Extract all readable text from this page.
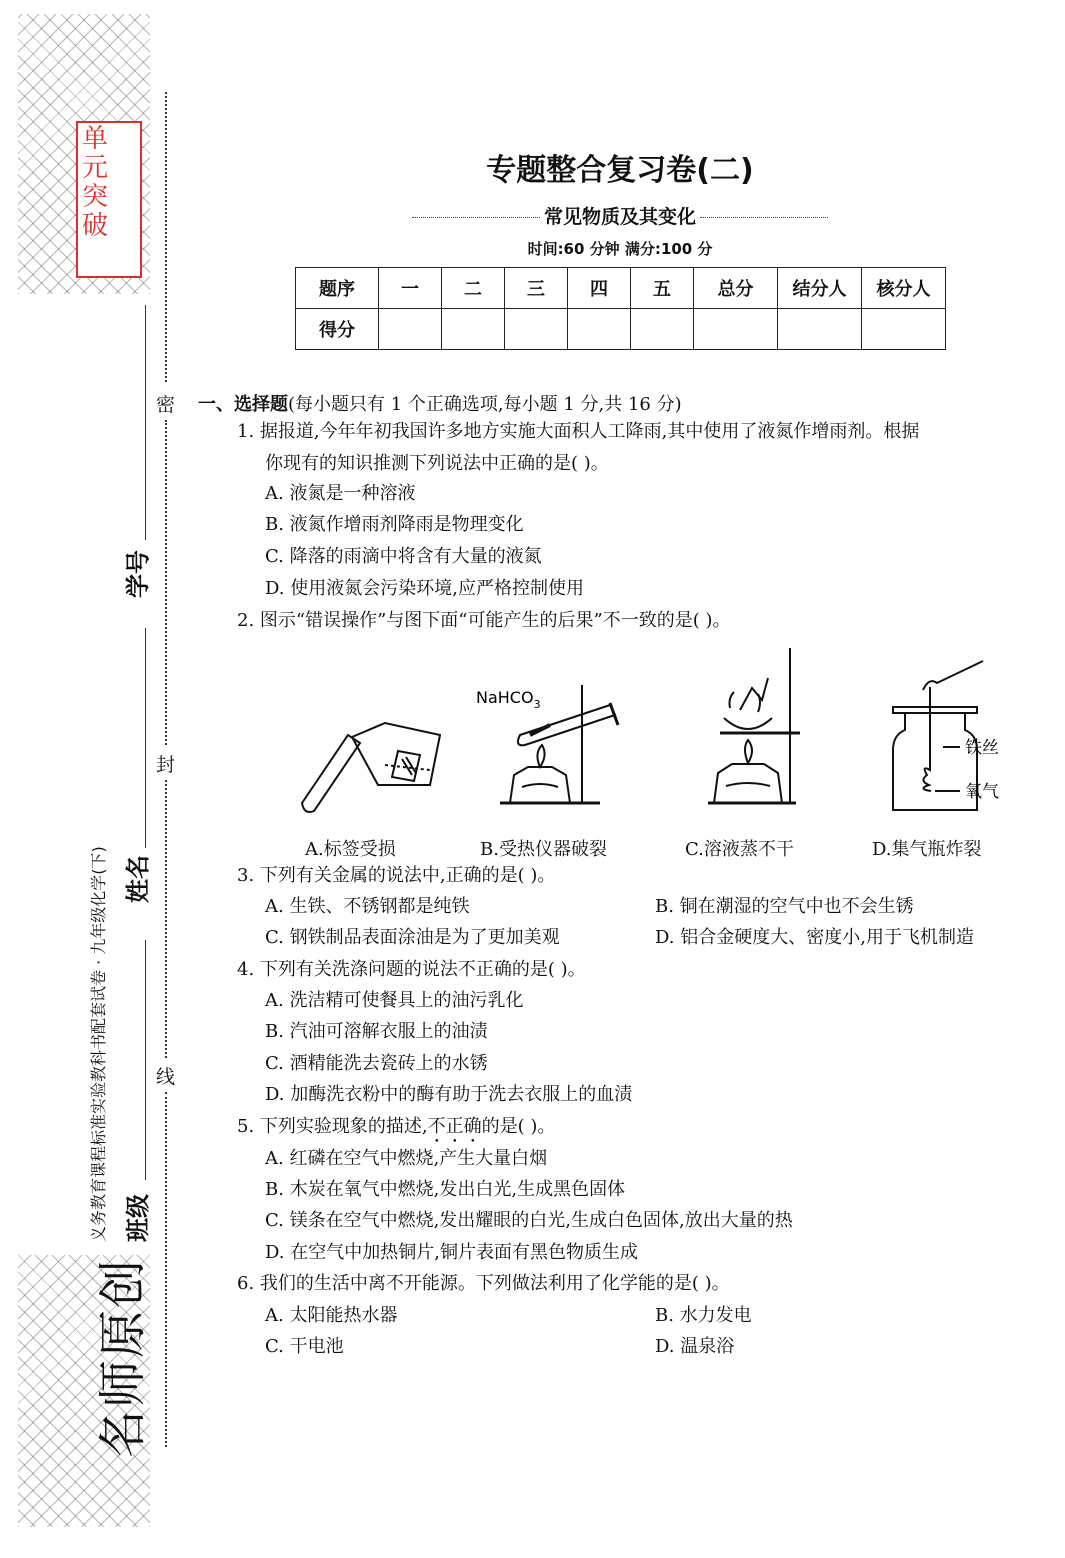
单
元
突
破
密
封
线
学号
姓名
班级
义务教育课程标准实验教科书配套试卷 · 九年级化学(下)
名师原创
专题整合复习卷(二)
常见物质及其变化
时间:60 分钟 满分:100 分
题序	一	二	三	四	五	总分	结分人	核分人
得分								
一、选择题(每小题只有 1 个正确选项,每小题 1 分,共 16 分)
1. 据报道,今年年初我国许多地方实施大面积人工降雨,其中使用了液氮作增雨剂。根据
你现有的知识推测下列说法中正确的是( )。
A. 液氮是一种溶液
B. 液氮作增雨剂降雨是物理变化
C. 降落的雨滴中将含有大量的液氮
D. 使用液氮会污染环境,应严格控制使用
2. 图示“错误操作”与图下面“可能产生的后果”不一致的是( )。
NaHCO$_3$
铁丝
氧气
A.标签受损	B.受热仪器破裂	C.溶液蒸不干	D.集气瓶炸裂
3. 下列有关金属的说法中,正确的是( )。
A. 生铁、不锈钢都是纯铁	B. 铜在潮湿的空气中也不会生锈
C. 钢铁制品表面涂油是为了更加美观	D. 铝合金硬度大、密度小,用于飞机制造
4. 下列有关洗涤问题的说法不正确的是( )。
A. 洗洁精可使餐具上的油污乳化
B. 汽油可溶解衣服上的油渍
C. 酒精能洗去瓷砖上的水锈
D. 加酶洗衣粉中的酶有助于洗去衣服上的血渍
5. 下列实验现象的描述,不正确的是( )。
A. 红磷在空气中燃烧,产生大量白烟
B. 木炭在氧气中燃烧,发出白光,生成黑色固体
C. 镁条在空气中燃烧,发出耀眼的白光,生成白色固体,放出大量的热
D. 在空气中加热铜片,铜片表面有黑色物质生成
6. 我们的生活中离不开能源。下列做法利用了化学能的是( )。
A. 太阳能热水器	B. 水力发电
C. 干电池	D. 温泉浴
